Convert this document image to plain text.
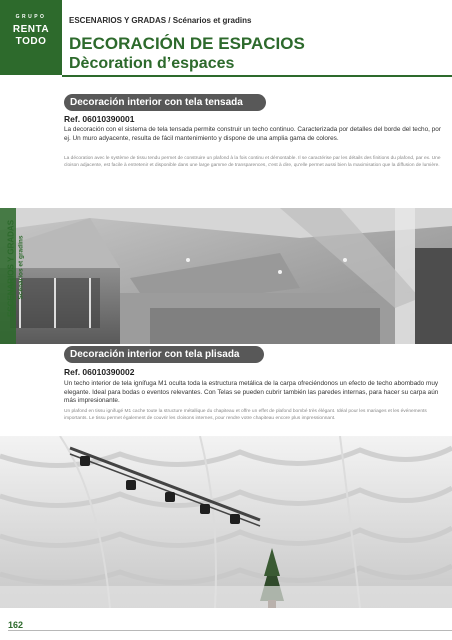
GRUPO
RENTA
TODO
ESCENARIOS Y GRADAS / Scénarios et gradins
DECORACIÓN DE ESPACIOS
Dècoration d’espaces
Decoración interior con tela tensada
Ref. 06010390001
La decoración con el sistema de tela tensada permite construir un techo continuo. Caracterizada por detalles del borde del techo, por ej. Un muro adyacente, resulta de fácil mantenimiento y dispone de una amplia gama de colores.
La décoration avec le système de tissu tendu permet de construire un plafond à la fois continu et démontable. Il se caractérise par les détails des finitions du plafond, par ex. Une cloison adjacente, est facile à entretenir et disponible dans une large gamme de transparences, c'est à dire, qu'elle permet aussi bien la maximisation que la diffusion de lumière.
ESCENARIOS Y GRADAS Scénarios et gradins
Decoración interior con tela plisada
Ref. 06010390002
Un techo interior de tela ignífuga M1 oculta toda la estructura metálica de la carpa ofreciéndonos un efecto de techo abombado muy elegante. Ideal para bodas o eventos relevantes. Con Telas se pueden cubrir también las paredes internas, para hacer su carpa aún más impresionante.
Un plafond en tissu ignifugé M1 cache toute la structure métallique du chapiteau et offre un effet de plafond bombé très élégant. Idéal pour les mariages et les événements importants. Le tissu permet également de couvrir les cloisons internes, pour rendre votre chapiteau encore plus impressionnant.
162
